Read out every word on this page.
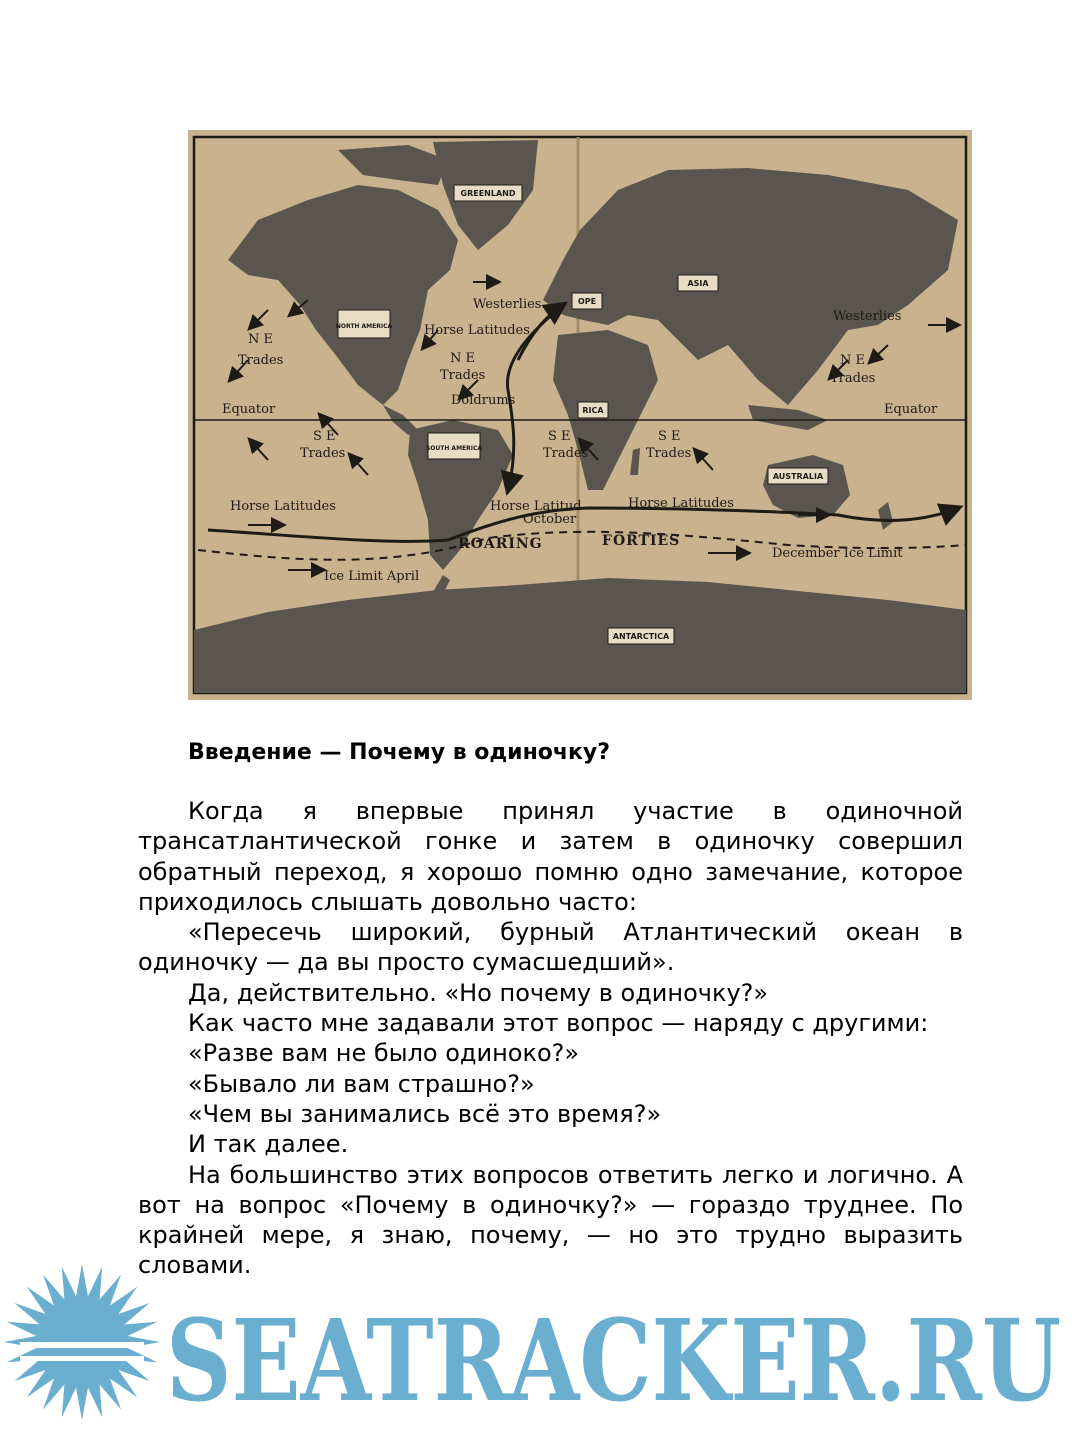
GREENLAND
NORTH AMERICA
ASIA
OPE
SOUTH AMERICA
RICA
AUSTRALIA
ANTARCTICA
N E
Trades	N E
Trades
N E
Trades
S E
Trades
S E
Trades
S E
Trades
Westerlies
Westerlies
Horse Latitudes
Horse Latitudes	Horse Latitud
October
Horse Latitudes
Doldrums
Equator	Equator
Ice Limit April
December Ice Limit
ROARING	FORTIES
Введение — Почему в одиночку?

Когда я впервые принял участие в одиночной трансатлантической гонке и затем в одиночку совершил обратный переход, я хорошо помню одно замечание, которое приходилось слышать довольно часто:

«Пересечь широкий, бурный Атлантический океан в одиночку — да вы просто сумасшедший».

Да, действительно. «Но почему в одиночку?»

Как часто мне задавали этот вопрос — наряду с другими:

«Разве вам не было одиноко?»

«Бывало ли вам страшно?»

«Чем вы занимались всё это время?»

И так далее.

На большинство этих вопросов ответить легко и логично. А вот на вопрос «Почему в одиночку?» — гораздо труднее. По крайней мере, я знаю, почему, — но это трудно выразить словами.

SEATRACKER.RU
